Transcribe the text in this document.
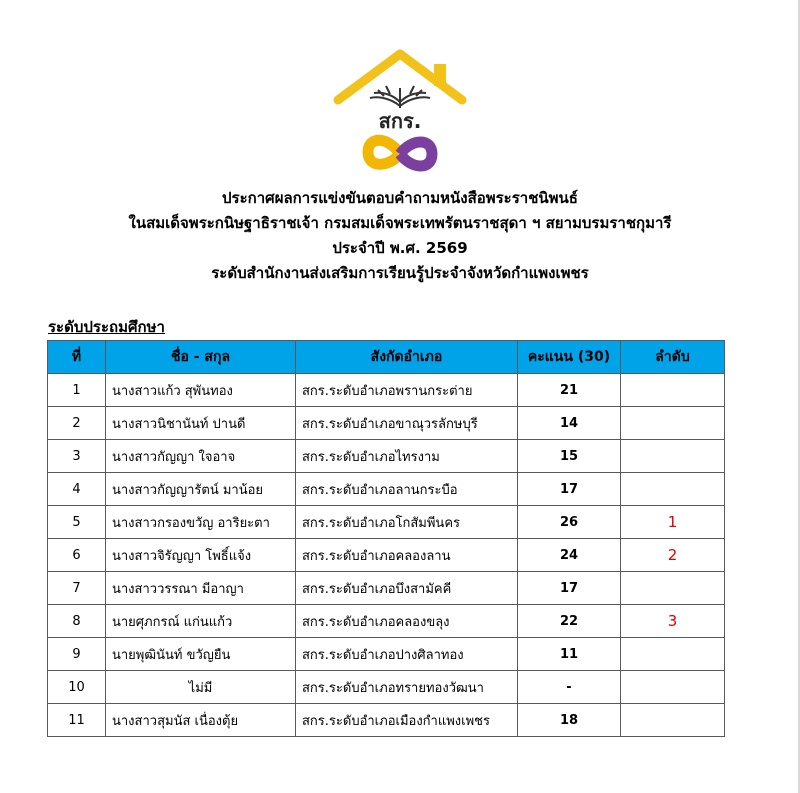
สกร.
ประกาศผลการแข่งขันตอบคำถามหนังสือพระราชนิพนธ์
ในสมเด็จพระกนิษฐาธิราชเจ้า กรมสมเด็จพระเทพรัตนราชสุดา ฯ สยามบรมราชกุมารี
ประจำปี พ.ศ. 2569
ระดับสำนักงานส่งเสริมการเรียนรู้ประจำจังหวัดกำแพงเพชร
ระดับประถมศึกษา
ที่	ชื่อ - สกุล	สังกัดอำเภอ	คะแนน (30)	ลำดับ
1	นางสาวแก้ว สุพันทอง	สกร.ระดับอำเภอพรานกระต่าย	21	
2	นางสาวนิชานันท์ ปานดี	สกร.ระดับอำเภอขาณุวรลักษบุรี	14	
3	นางสาวกัญญา ใจอาจ	สกร.ระดับอำเภอไทรงาม	15	
4	นางสาวกัญญารัตน์ มาน้อย	สกร.ระดับอำเภอลานกระบือ	17	
5	นางสาวกรองขวัญ อาริยะตา	สกร.ระดับอำเภอโกสัมพีนคร	26	1
6	นางสาวจิรัญญา โพธิ์แจ้ง	สกร.ระดับอำเภอคลองลาน	24	2
7	นางสาววรรณา มีอาญา	สกร.ระดับอำเภอบึงสามัคคี	17	
8	นายศุภกรณ์ แก่นแก้ว	สกร.ระดับอำเภอคลองขลุง	22	3
9	นายพุฒินันท์ ขวัญยืน	สกร.ระดับอำเภอปางศิลาทอง	11	
10	ไม่มี	สกร.ระดับอำเภอทรายทองวัฒนา	-	
11	นางสาวสุมนัส เนื่องตุ้ย	สกร.ระดับอำเภอเมืองกำแพงเพชร	18	
